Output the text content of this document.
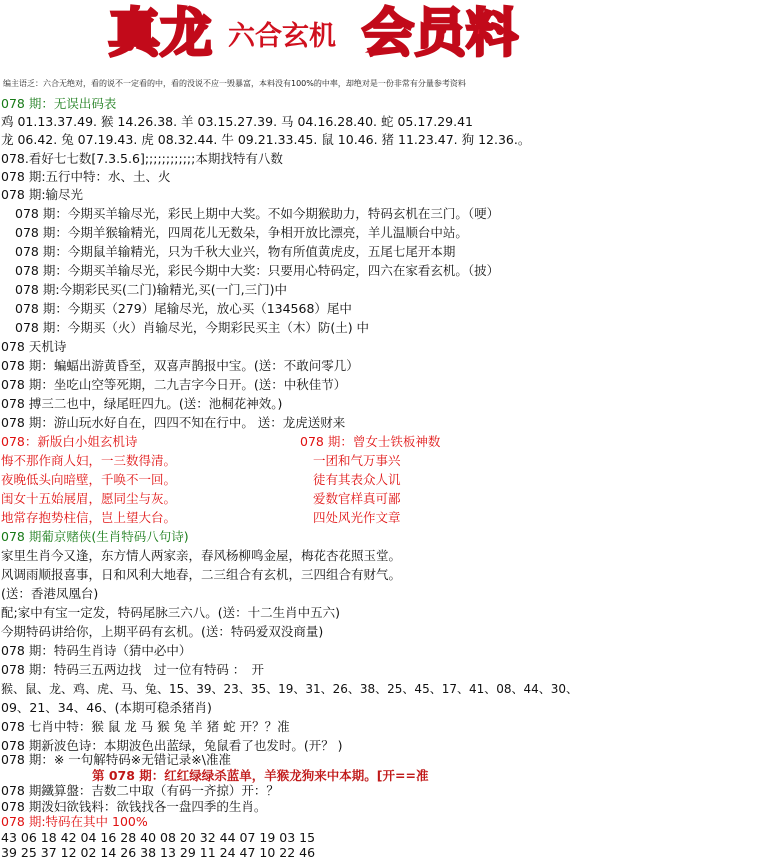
真龙 六合玄机 会员料
编主语乏：六合无绝对，看的说不一定看的中，看的没说不应一毁暴富，本料没有100%的中率，却绝对是一份非常有分量参考资料
078 期：无误出码表
鸡 01.13.37.49. 猴 14.26.38. 羊 03.15.27.39. 马 04.16.28.40. 蛇 05.17.29.41
龙 06.42. 兔 07.19.43. 虎 08.32.44. 牛 09.21.33.45. 鼠 10.46. 猪 11.23.47. 狗 12.36.。
078.看好七七数[7.3.5.6];;;;;;;;;;;;本期找特有八数
078 期:五行中特：水、土、火
078 期:输尽光
078 期：今期买羊输尽光，彩民上期中大奖。不如今期猴助力，特码玄机在三门。（哽）
078 期：今期羊猴输精光，四周花儿无数朵，争相开放比漂亮，羊儿温顺台中站。
078 期：今期鼠羊输精光，只为千秋大业兴，物有所值黄虎皮，五尾七尾开本期
078 期：今期买羊输尽光，彩民今期中大奖：只要用心特码定，四六在家看玄机。（披）
078 期:今期彩民买(二门)输精光,买(一门,三门)中
078 期：今期买（279）尾输尽光，放心买（134568）尾中
078 期：今期买（火）肖输尽光，今期彩民买主（木）防(土) 中
078 天机诗
078 期：蝙蝠出游黄昏至，双喜声鹊报中宝。(送：不敢问零几）
078 期：坐吃山空等死期，二九吉字今日开。(送：中秋佳节）
078 搏三二也中，绿尾旺四九。(送：池桐花神效。)
078 期：游山玩水好自在，四四不知在行中。 送：龙虎送财来
078：新版白小姐玄机诗	078 期：曾女士铁板神数
悔不那作商人妇，一三数得清。	一团和气万事兴
夜晚低头向暗壁，千唤不一回。	徒有其表众人讥
闺女十五始展眉，愿同尘与灰。	爱数官样真可鄙
地常存抱势柱信，岂上望大台。	四处风光作文章
078 期葡京赌侠(生肖特码八句诗)
家里生肖今又逢，东方情人两家亲，春风杨柳鸣金屋，梅花杏花照玉堂。
风调雨顺报喜事，日和风利大地春，二三组合有玄机，三四组合有财气。
(送：香港凤凰台)
配;家中有宝一定发，特码尾脉三六八。(送：十二生肖中五六)
今期特码讲给你，上期平码有玄机。(送：特码爱双没商量)
078 期：特码生肖诗（猜中必中）
078 期：特码三五两边找　过一位有特码 ：　开
猴、鼠、龙、鸡、虎、马、兔、15、39、23、35、19、31、26、38、25、45、17、41、08、44、30、
09、21、34、46、(本期可稳杀猪肖)
078 七肖中特：猴 鼠 龙 马 猴 兔 羊 猪 蛇 开？？准
078 期新波色诗：本期波色出蓝绿，兔鼠看了也发时。(开？ )
078 期：※ 一句解特码※无错记录※\准准
第 078 期：红红绿绿杀蓝单，羊猴龙狗来中本期。[开==准
078 期鐵算盤：吉数二中取（有码一齐掠）开：？
078 期泼妇欲钱料：欲钱找各一盘四季的生肖。
078 期:特码在其中 100%
43 06 18 42 04 16 28 40 08 20 32 44 07 19 03 15
39 25 37 12 02 14 26 38 13 29 11 24 47 10 22 46
